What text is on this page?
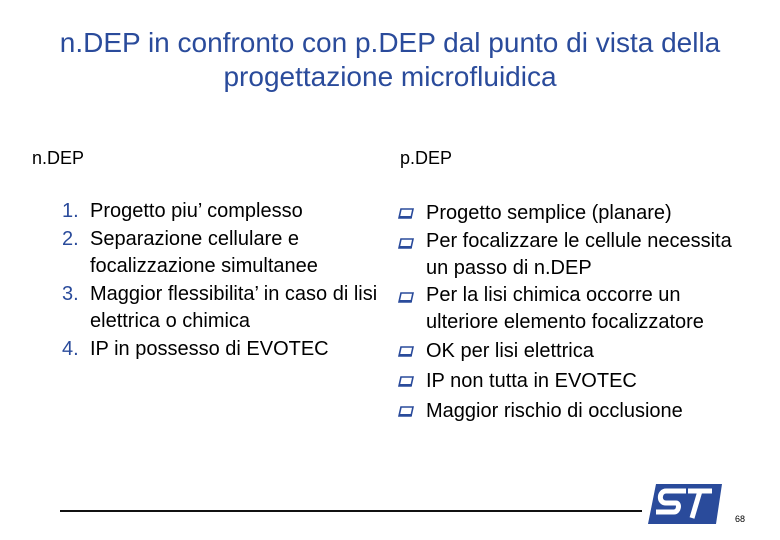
n.DEP in confronto con p.DEP dal punto di vista della progettazione microfluidica
n.DEP	p.DEP
1. Progetto piu’ complesso
2. Separazione cellulare e focalizzazione simultanee
3. Maggior flessibilita’ in caso di lisi elettrica o chimica
4. IP in possesso di EVOTEC
Progetto semplice (planare)
Per focalizzare le cellule necessita un passo di n.DEP
Per la lisi chimica occorre un ulteriore elemento focalizzatore
OK per lisi elettrica
IP non tutta in EVOTEC
Maggior rischio di occlusione
68
